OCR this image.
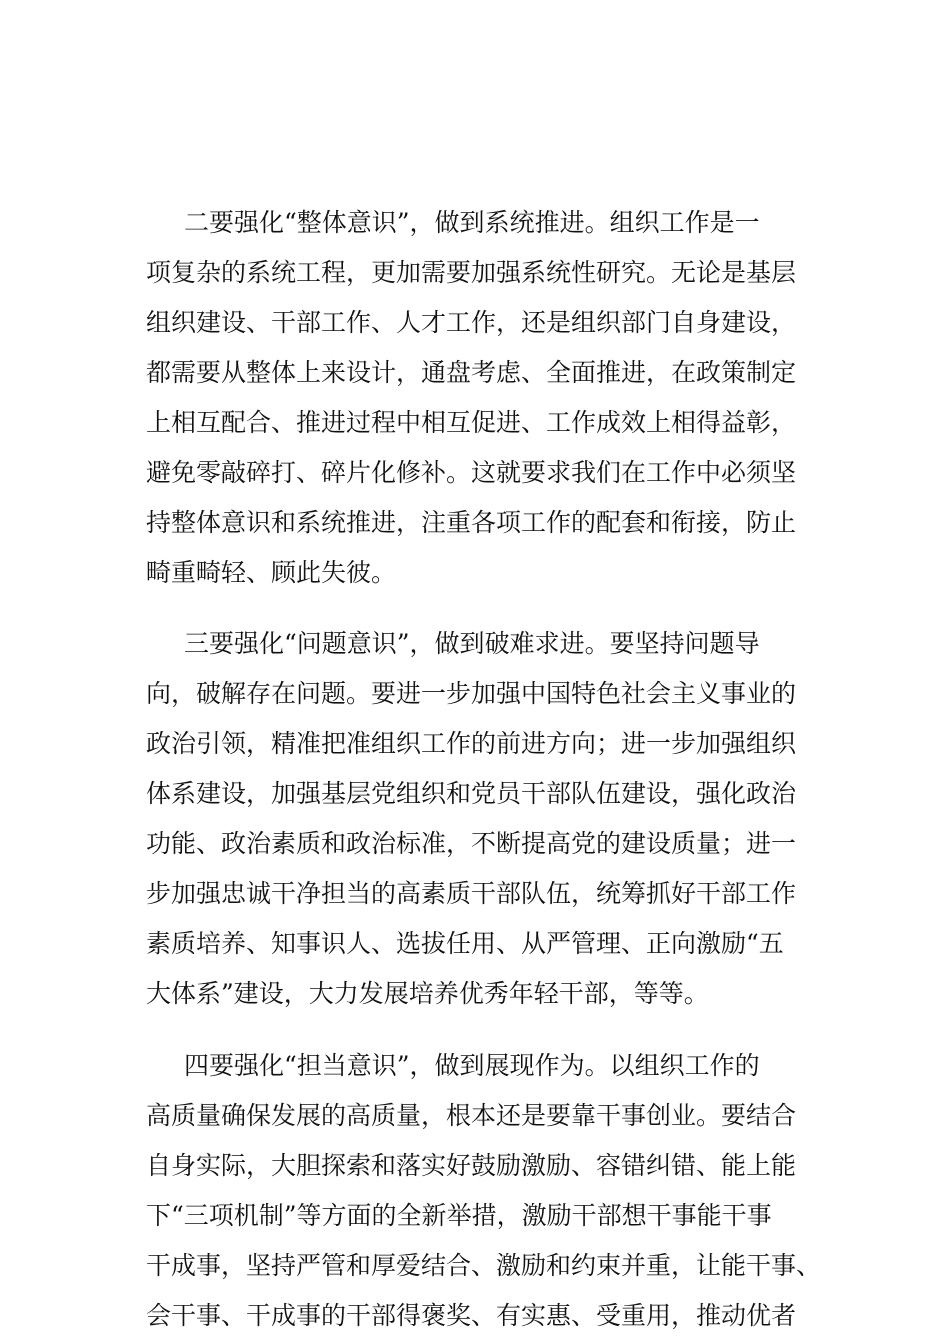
二要强化“整体意识”，做到系统推进。组织工作是一
项复杂的系统工程，更加需要加强系统性研究。无论是基层
组织建设、干部工作、人才工作，还是组织部门自身建设，
都需要从整体上来设计，通盘考虑、全面推进，在政策制定
上相互配合、推进过程中相互促进、工作成效上相得益彰，
避免零敲碎打、碎片化修补。这就要求我们在工作中必须坚
持整体意识和系统推进，注重各项工作的配套和衔接，防止
畸重畸轻、顾此失彼。

三要强化“问题意识”，做到破难求进。要坚持问题导
向，破解存在问题。要进一步加强中国特色社会主义事业的
政治引领，精准把准组织工作的前进方向；进一步加强组织
体系建设，加强基层党组织和党员干部队伍建设，强化政治
功能、政治素质和政治标准，不断提高党的建设质量；进一
步加强忠诚干净担当的高素质干部队伍，统筹抓好干部工作
素质培养、知事识人、选拔任用、从严管理、正向激励“五
大体系”建设，大力发展培养优秀年轻干部，等等。

四要强化“担当意识”，做到展现作为。以组织工作的
高质量确保发展的高质量，根本还是要靠干事创业。要结合
自身实际，大胆探索和落实好鼓励激励、容错纠错、能上能
下“三项机制”等方面的全新举措，激励干部想干事能干事
干成事，坚持严管和厚爱结合、激励和约束并重，让能干事、
会干事、干成事的干部得褒奖、有实惠、受重用，推动优者
